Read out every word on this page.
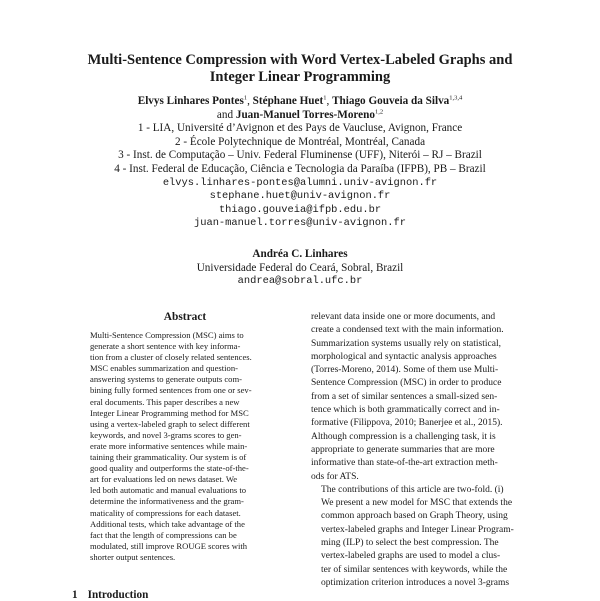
Multi-Sentence Compression with Word Vertex-Labeled Graphs and
Integer Linear Programming
Elvys Linhares Pontes$^1$, Stéphane Huet$^1$, Thiago Gouveia da Silva$^{1,3,4}$
and Juan-Manuel Torres-Moreno$^{1,2}$
1 - LIA, Université d’Avignon et des Pays de Vaucluse, Avignon, France
2 - École Polytechnique de Montréal, Montréal, Canada
3 - Inst. de Computação – Univ. Federal Fluminense (UFF), Niterói – RJ – Brazil
4 - Inst. Federal de Educação, Ciência e Tecnologia da Paraíba (IFPB), PB – Brazil
elvys.linhares-pontes@alumni.univ-avignon.fr
stephane.huet@univ-avignon.fr
thiago.gouveia@ifpb.edu.br
juan-manuel.torres@univ-avignon.fr
Andréa C. Linhares
Universidade Federal do Ceará, Sobral, Brazil
andrea@sobral.ufc.br
Abstract
Multi-Sentence Compression (MSC) aims to
generate a short sentence with key informa-
tion from a cluster of closely related sentences.
MSC enables summarization and question-
answering systems to generate outputs com-
bining fully formed sentences from one or sev-
eral documents. This paper describes a new
Integer Linear Programming method for MSC
using a vertex-labeled graph to select different
keywords, and novel 3-grams scores to gen-
erate more informative sentences while main-
taining their grammaticality. Our system is of
good quality and outperforms the state-of-the-
art for evaluations led on news dataset. We
led both automatic and manual evaluations to
determine the informativeness and the gram-
maticality of compressions for each dataset.
Additional tests, which take advantage of the
fact that the length of compressions can be
modulated, still improve ROUGE scores with
shorter output sentences.
1 Introduction

relevant data inside one or more documents, and
create a condensed text with the main information.
Summarization systems usually rely on statistical,
morphological and syntactic analysis approaches
(Torres-Moreno, 2014). Some of them use Multi-
Sentence Compression (MSC) in order to produce
from a set of similar sentences a small-sized sen-
tence which is both grammatically correct and in-
formative (Filippova, 2010; Banerjee et al., 2015).
Although compression is a challenging task, it is
appropriate to generate summaries that are more
informative than state-of-the-art extraction meth-
ods for ATS.

The contributions of this article are two-fold. (i)
We present a new model for MSC that extends the
common approach based on Graph Theory, using
vertex-labeled graphs and Integer Linear Program-
ming (ILP) to select the best compression. The
vertex-labeled graphs are used to model a clus-
ter of similar sentences with keywords, while the
optimization criterion introduces a novel 3-grams
